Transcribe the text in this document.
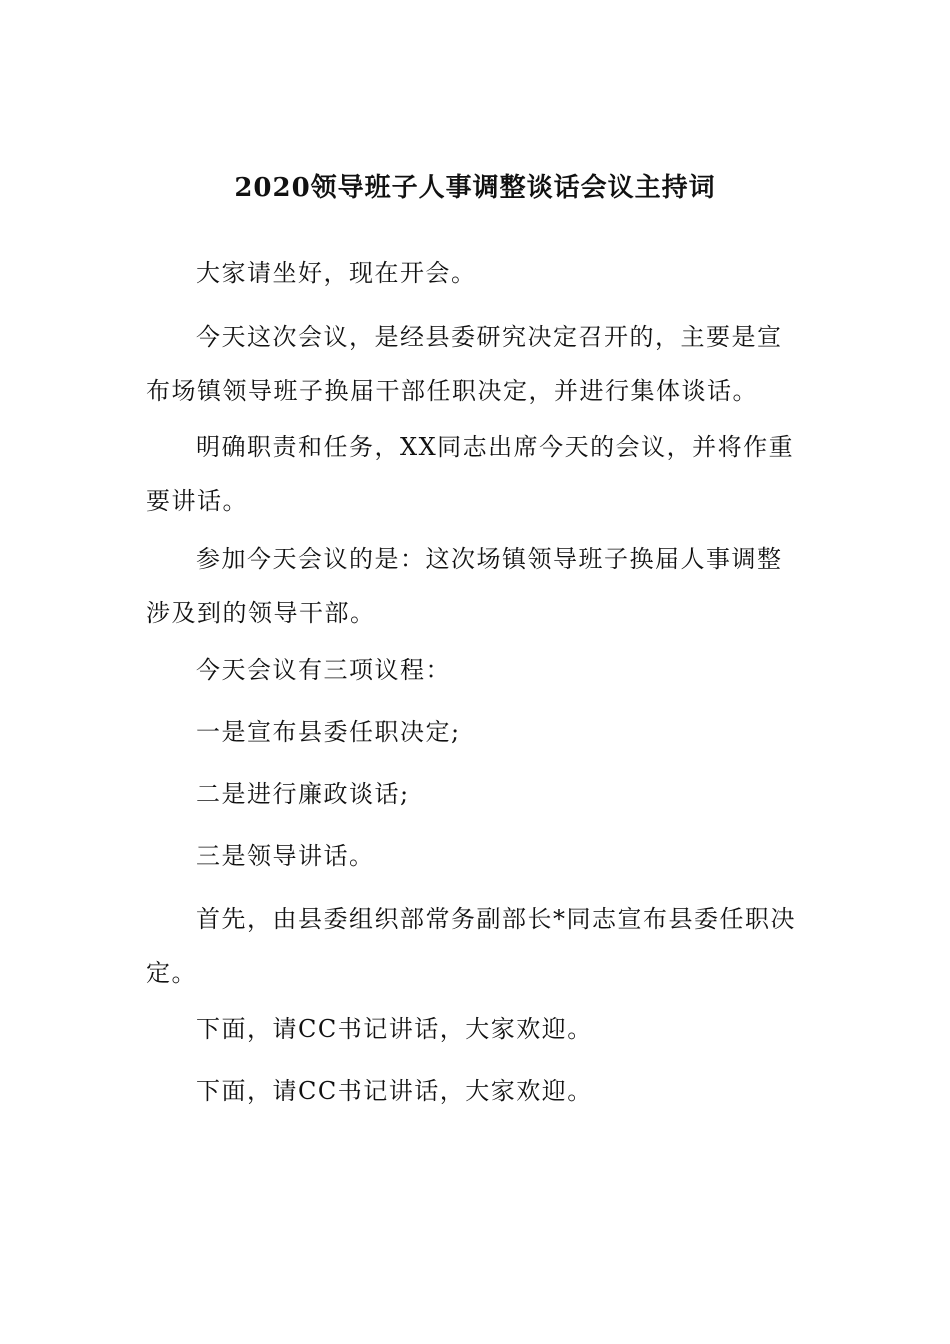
2020领导班子人事调整谈话会议主持词

大家请坐好，现在开会。

今天这次会议，是经县委研究决定召开的，主要是宣布场镇领导班子换届干部任职决定，并进行集体谈话。

明确职责和任务，XX同志出席今天的会议，并将作重要讲话。

参加今天会议的是：这次场镇领导班子换届人事调整涉及到的领导干部。

今天会议有三项议程：

一是宣布县委任职决定;

二是进行廉政谈话;

三是领导讲话。

首先，由县委组织部常务副部长*同志宣布县委任职决定。

下面，请CC书记讲话，大家欢迎。

下面，请CC书记讲话，大家欢迎。
